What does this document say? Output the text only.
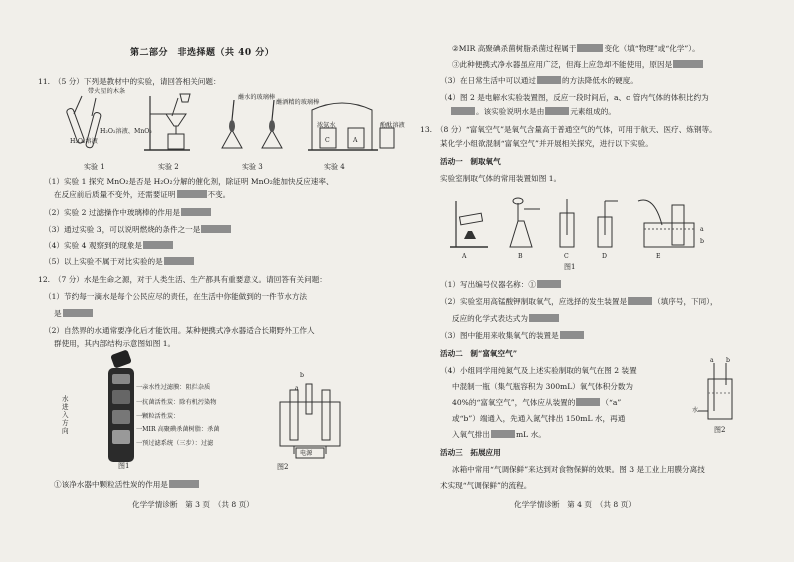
第二部分　非选择题（共 40 分）
11.　（5 分）下列是教材中的实验，请回答相关问题：
带火星的木条
H₂O₂溶液
H₂O₂溶液、MnO₂
蘸水的玻璃棒
蘸酒精的玻璃棒
浓氨水	酚酞溶液
C	A
实验 1	实验 2	实验 3	实验 4
（1）实验 1 探究 MnO₂是否是 H₂O₂分解的催化剂，除证明 MnO₂能加快反应速率、
在反应前后质量不变外，还需要证明	不变。
（2）实验 2 过滤操作中玻璃棒的作用是
（3）通过实验 3，可以说明燃烧的条件之一是
（4）实验 4 观察到的现象是
（5）以上实验不属于对比实验的是
12.　（7 分）水是生命之源，对于人类生活、生产都具有重要意义。请回答有关问题：
（1）节约每一滴水是每个公民应尽的责任，在生活中你能做到的一件节水方法
是
（2）自然界的水通常要净化后才能饮用。某种便携式净水器适合长期野外工作人
群使用，其内部结构示意图如图 1。
水进入方向
一亲水性过滤膜：阻拦杂质
一抗菌活性炭：除有机污染物
一颗粒活性炭：
一MIR 高聚碘杀菌树脂：杀菌
一预过滤系统（三步）：过滤
图1
a
b
电源
图2
①该净水器中颗粒活性炭的作用是
化学学情诊断　第 3 页　（共 8 页）
②MIR 高聚碘杀菌树脂杀菌过程属于	变化（填“物理”或“化学”）。
③此种便携式净水器虽应用广泛，但海上应急却不能使用，原因是
（3）在日常生活中可以通过	的方法降低水的硬度。
（4）图 2 是电解水实验装置图，反应一段时间后，a、c 管内气体的体积比约为
。该实验说明水是由	元素组成的。
13.　（8 分）“富氧空气”是氧气含量高于普通空气的气体，可用于航天、医疗、炼钢等。
某化学小组欲混制“富氧空气”并开展相关探究，进行以下实验。
活动一　制取氧气
实验室制取气体的常用装置如图 1。
A	B	C	D	E
a
b
图1
（1）写出编号仪器名称：①
（2）实验室用高锰酸钾制取氧气，应选择的发生装置是	（填序号，下同），
反应的化学式表达式为
（3）图中能用来收集氧气的装置是
活动二　制“富氧空气”
（4）小组同学用纯氮气及上述实验制取的氧气在图 2 装置
中混制一瓶（集气瓶容积为 300mL）氧气体积分数为
40%的“富氧空气”，气体应从装置的	（“a”
或“b”）端通入，先通入氮气排出 150mL 水，再通
入氧气排出	mL 水。
a b
水
图2
活动三　拓展应用
冰箱中常用“气调保鲜”来达到对食物保鲜的效果。图 3 是工业上用膜分离技
术实现“气调保鲜”的流程。
化学学情诊断　第 4 页　（共 8 页）
